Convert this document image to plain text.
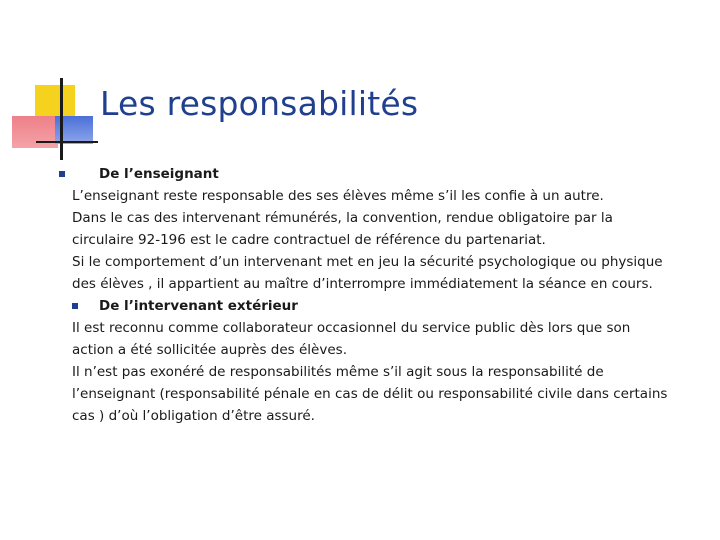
Les responsabilités

De l’enseignant

L’enseignant reste responsable des ses élèves même s’il les confie à un autre.

Dans le cas des intervenant rémunérés, la convention, rendue obligatoire par la circulaire 92-196 est le cadre contractuel de référence du partenariat.

Si le comportement d’un intervenant met en jeu la sécurité psychologique ou physique des élèves , il appartient au maître d’interrompre immédiatement la séance en cours.

De l’intervenant extérieur

Il est reconnu comme collaborateur occasionnel du service public dès lors que son action a été sollicitée auprès des élèves.

Il n’est pas exonéré de responsabilités même s’il agit sous la responsabilité de l’enseignant (responsabilité pénale en cas de délit ou responsabilité civile dans certains cas ) d’où l’obligation d’être assuré.
